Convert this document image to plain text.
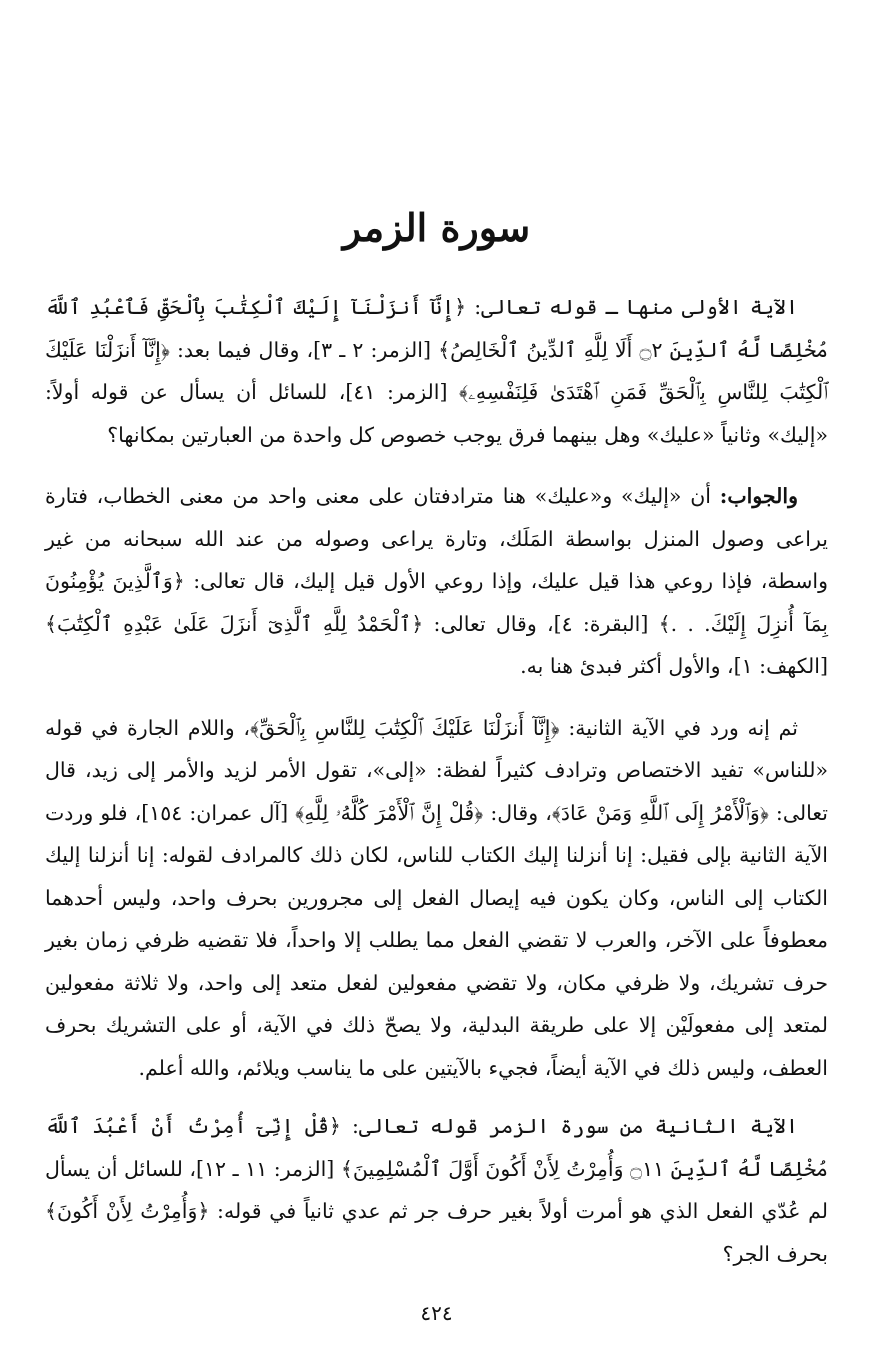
سورة الزمر

الآية الأولى منها ـ قوله تعالى: ﴿إِنَّآ أَنزَلْنَآ إِلَيْكَ ٱلْكِتَٰبَ بِٱلْحَقِّ فَٱعْبُدِ ٱللَّهَ مُخْلِصًا لَّهُ ٱلدِّينَ ۝٢ أَلَا لِلَّهِ ٱلدِّينُ ٱلْخَالِصُ﴾ [الزمر: ٢ ـ ٣]، وقال فيما بعد: ﴿إِنَّآ أَنزَلْنَا عَلَيْكَ ٱلْكِتَٰبَ لِلنَّاسِ بِٱلْحَقِّ فَمَنِ ٱهْتَدَىٰ فَلِنَفْسِهِۦ﴾ [الزمر: ٤١]، للسائل أن يسأل عن قوله أولاً: «إليك» وثانياً «عليك» وهل بينهما فرق يوجب خصوص كل واحدة من العبارتين بمكانها؟

والجواب: أن «إليك» و«عليك» هنا مترادفتان على معنى واحد من معنى الخطاب، فتارة يراعى وصول المنزل بواسطة المَلَك، وتارة يراعى وصوله من عند الله سبحانه من غير واسطة، فإذا روعي هذا قيل عليك، وإذا روعي الأول قيل إليك، قال تعالى: ﴿وَٱلَّذِينَ يُؤْمِنُونَ بِمَآ أُنزِلَ إِلَيْكَ. . .﴾ [البقرة: ٤]، وقال تعالى: ﴿ٱلْحَمْدُ لِلَّهِ ٱلَّذِىٓ أَنزَلَ عَلَىٰ عَبْدِهِ ٱلْكِتَٰبَ﴾ [الكهف: ١]، والأول أكثر فبدئ هنا به.

ثم إنه ورد في الآية الثانية: ﴿إِنَّآ أَنزَلْنَا عَلَيْكَ ٱلْكِتَٰبَ لِلنَّاسِ بِٱلْحَقِّ﴾، واللام الجارة في قوله «للناس» تفيد الاختصاص وترادف كثيراً لفظة: «إلى»، تقول الأمر لزيد والأمر إلى زيد، قال تعالى: ﴿وَٱلْأَمْرُ إِلَى ٱللَّهِ وَمَنْ عَادَ﴾، وقال: ﴿قُلْ إِنَّ ٱلْأَمْرَ كُلَّهُۥ لِلَّهِ﴾ [آل عمران: ١٥٤]، فلو وردت الآية الثانية بإلى فقيل: إنا أنزلنا إليك الكتاب للناس، لكان ذلك كالمرادف لقوله: إنا أنزلنا إليك الكتاب إلى الناس، وكان يكون فيه إيصال الفعل إلى مجرورين بحرف واحد، وليس أحدهما معطوفاً على الآخر، والعرب لا تقضي الفعل مما يطلب إلا واحداً، فلا تقضيه ظرفي زمان بغير حرف تشريك، ولا ظرفي مكان، ولا تقضي مفعولين لفعل متعد إلى واحد، ولا ثلاثة مفعولين لمتعد إلى مفعولَيْن إلا على طريقة البدلية، ولا يصحّ ذلك في الآية، أو على التشريك بحرف العطف، وليس ذلك في الآية أيضاً، فجيء بالآيتين على ما يناسب ويلائم، والله أعلم.

الآية الثانية من سورة الزمر قوله تعالى: ﴿قُلْ إِنِّىٓ أُمِرْتُ أَنْ أَعْبُدَ ٱللَّهَ مُخْلِصًا لَّهُ ٱلدِّينَ ۝١١ وَأُمِرْتُ لِأَنْ أَكُونَ أَوَّلَ ٱلْمُسْلِمِينَ﴾ [الزمر: ١١ ـ ١٢]، للسائل أن يسأل لم عُدّي الفعل الذي هو أمرت أولاً بغير حرف جر ثم عدي ثانياً في قوله: ﴿وَأُمِرْتُ لِأَنْ أَكُونَ﴾ بحرف الجر؟

٤٢٤
